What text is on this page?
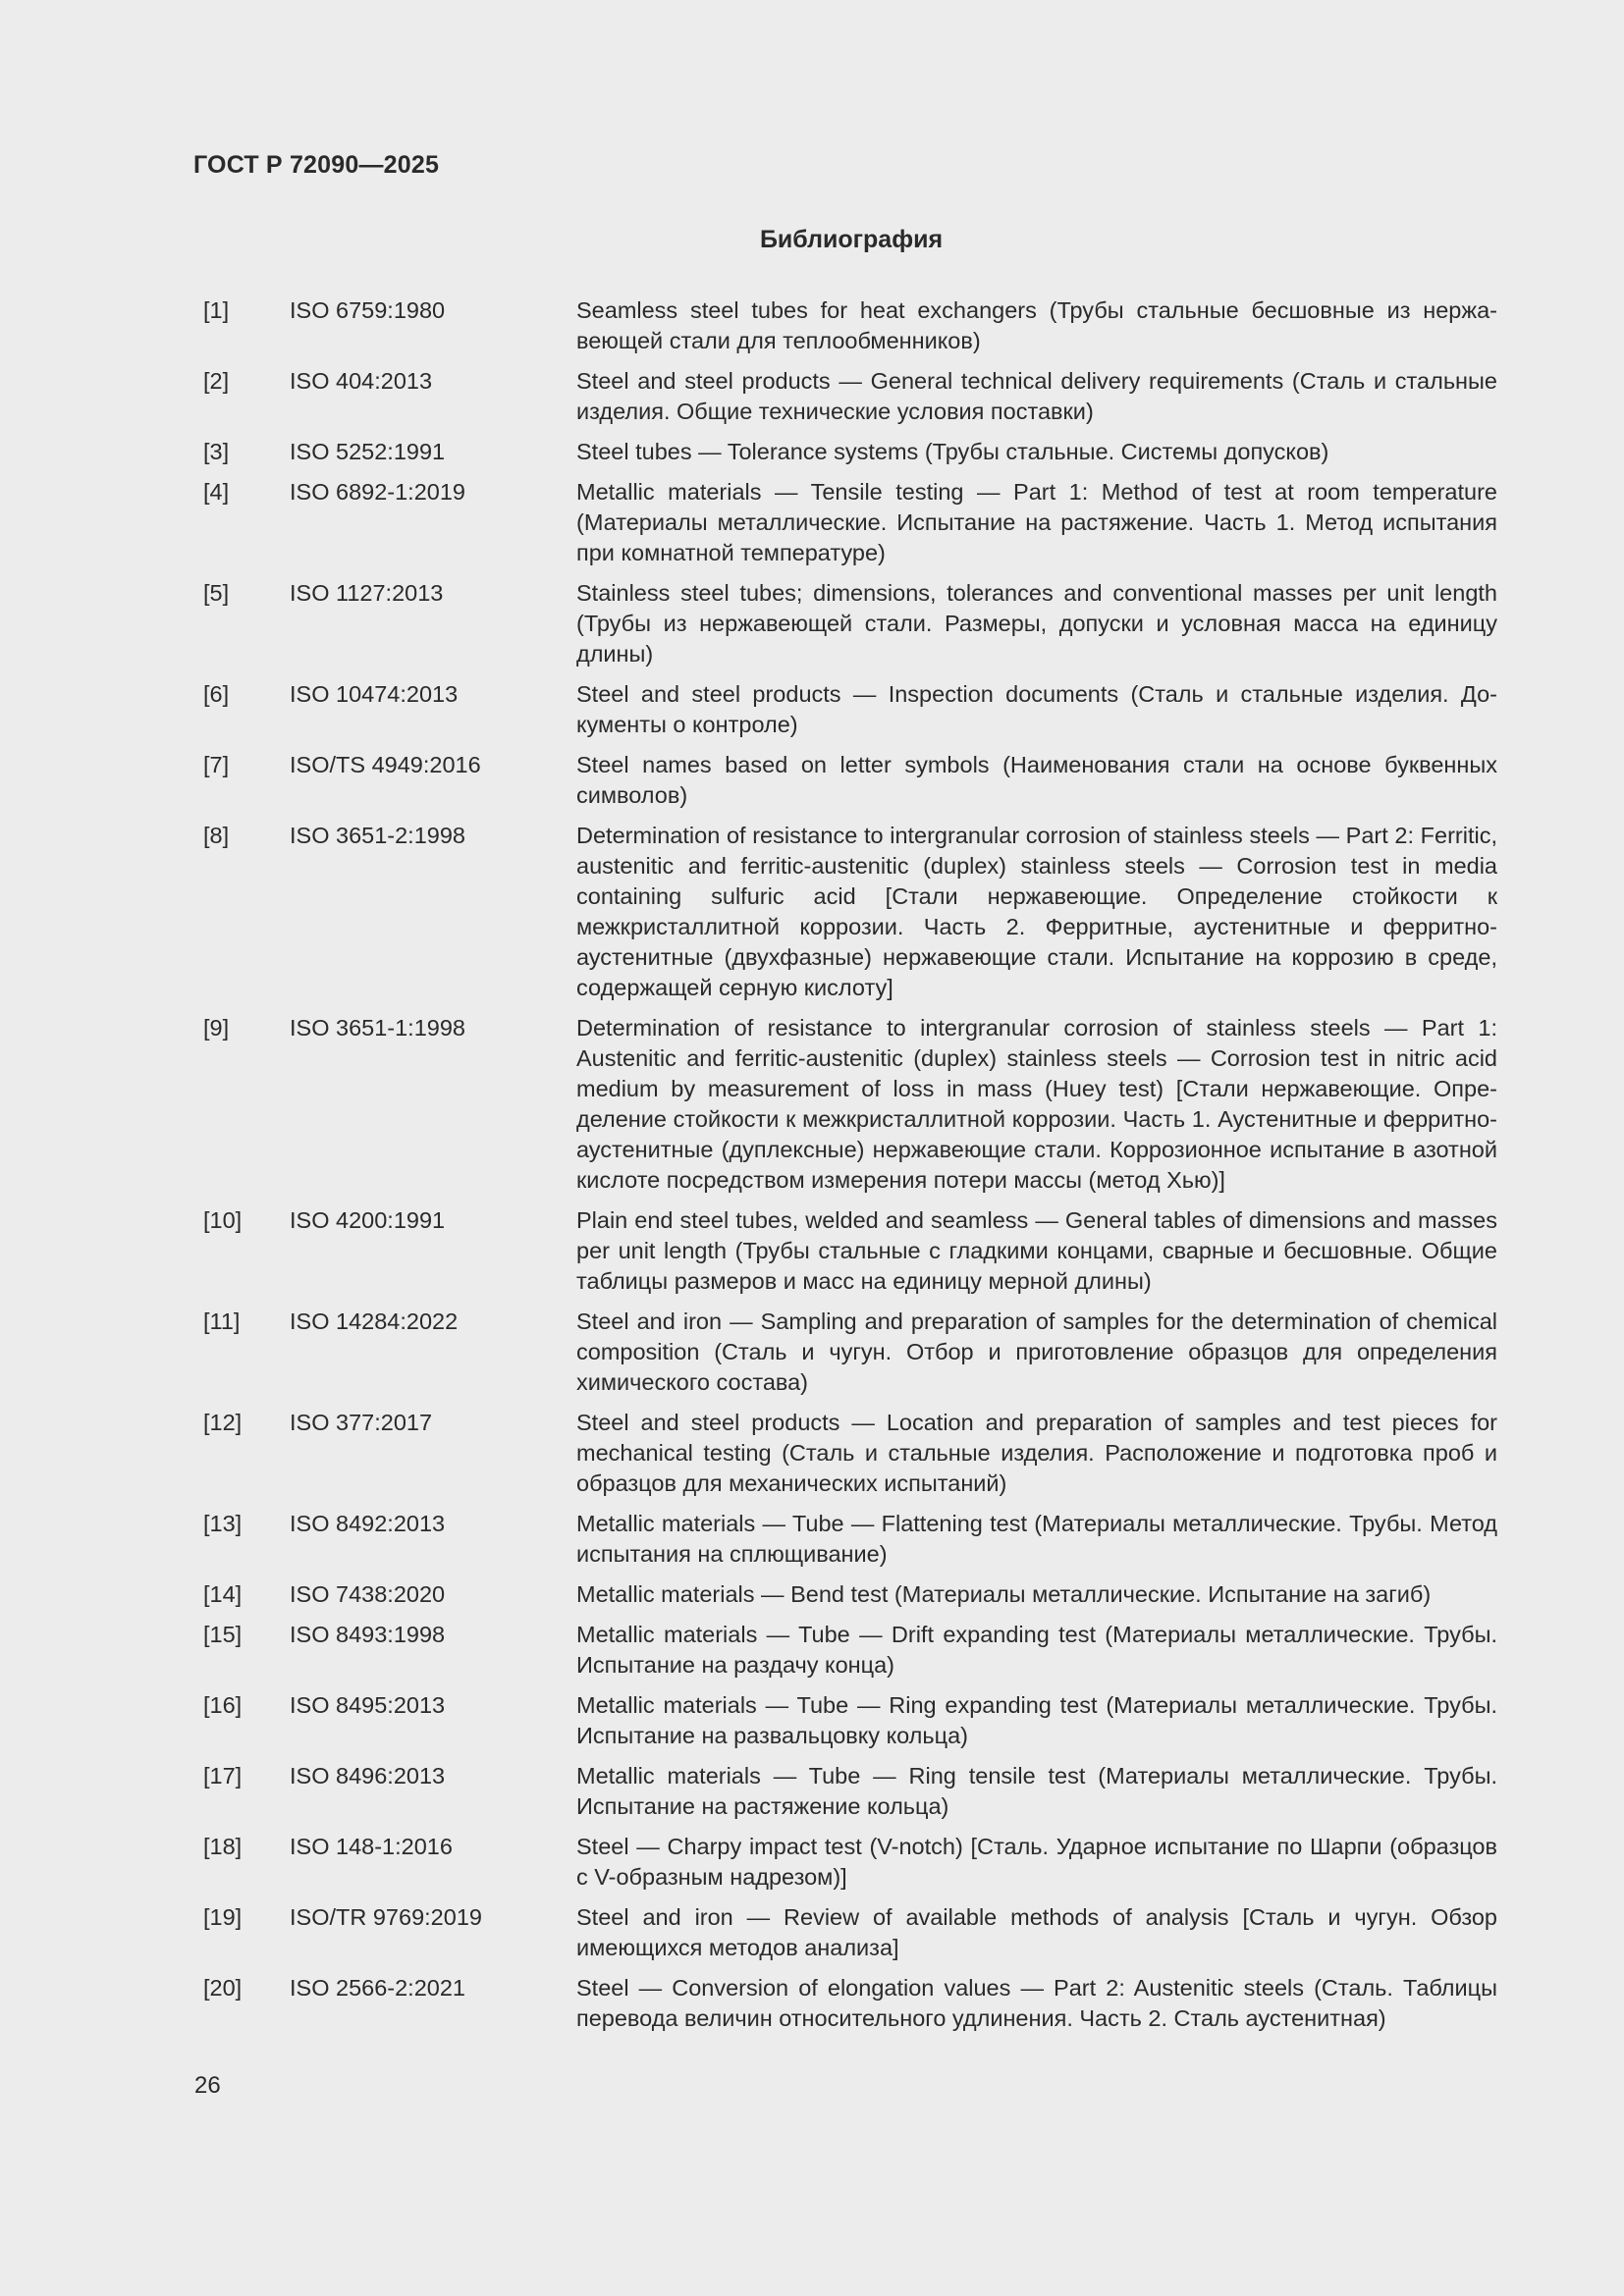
ГОСТ Р 72090—2025
Библиография
[1]	ISO 6759:1980	Seamless steel tubes for heat exchangers (Трубы стальные бесшовные из нержавеющей стали для теплообменников)
[2]	ISO 404:2013	Steel and steel products — General technical delivery requirements (Сталь и стальные изделия. Общие технические условия поставки)
[3]	ISO 5252:1991	Steel tubes — Tolerance systems (Трубы стальные. Системы допусков)
[4]	ISO 6892-1:2019	Metallic materials — Tensile testing — Part 1: Method of test at room temperature (Материалы металлические. Испытание на растяжение. Часть 1. Метод испытания при комнатной температуре)
[5]	ISO 1127:2013	Stainless steel tubes; dimensions, tolerances and conventional masses per unit length (Трубы из нержавеющей стали. Размеры, допуски и условная масса на единицу длины)
[6]	ISO 10474:2013	Steel and steel products — Inspection documents (Сталь и стальные изделия. Документы о контроле)
[7]	ISO/TS 4949:2016	Steel names based on letter symbols (Наименования стали на основе буквенных символов)
[8]	ISO 3651-2:1998	Determination of resistance to intergranular corrosion of stainless steels — Part 2: Ferritic, austenitic and ferritic-austenitic (duplex) stainless steels — Corrosion test in media containing sulfuric acid [Стали нержавеющие. Определение стойкости к межкристаллитной коррозии. Часть 2. Ферритные, аустенитные и ферритноаустенитные (двухфазные) нержавеющие стали. Испытание на коррозию в среде, содержащей серную кислоту]
[9]	ISO 3651-1:1998	Determination of resistance to intergranular corrosion of stainless steels — Part 1: Austenitic and ferritic-austenitic (duplex) stainless steels — Corrosion test in nitric acid medium by measurement of loss in mass (Huey test) [Стали нержавеющие. Определение стойкости к межкристаллитной коррозии. Часть 1. Аустенитные и ферритно-аустенитные (дуплексные) нержавеющие стали. Коррозионное испытание в азотной кислоте посредством измерения потери массы (метод Хью)]
[10] ISO 4200:1991	Plain end steel tubes, welded and seamless — General tables of dimensions and masses per unit length (Трубы стальные с гладкими концами, сварные и бесшовные. Общие таблицы размеров и масс на единицу мерной длины)
[11] ISO 14284:2022	Steel and iron — Sampling and preparation of samples for the determination of chemical composition (Сталь и чугун. Отбор и приготовление образцов для определения химического состава)
[12] ISO 377:2017	Steel and steel products — Location and preparation of samples and test pieces for mechanical testing (Сталь и стальные изделия. Расположение и подготовка проб и образцов для механических испытаний)
[13] ISO 8492:2013	Metallic materials — Tube — Flattening test (Материалы металлические. Трубы. Метод испытания на сплющивание)
[14] ISO 7438:2020	Metallic materials — Bend test (Материалы металлические. Испытание на загиб)
[15] ISO 8493:1998	Metallic materials — Tube — Drift expanding test (Материалы металлические. Трубы. Испытание на раздачу конца)
[16] ISO 8495:2013	Metallic materials — Tube — Ring expanding test (Материалы металлические. Трубы. Испытание на развальцовку кольца)
[17] ISO 8496:2013	Metallic materials — Tube — Ring tensile test (Материалы металлические. Трубы. Испытание на растяжение кольца)
[18] ISO 148-1:2016	Steel — Charpy impact test (V-notch) [Сталь. Ударное испытание по Шарпи (образцов с V-образным надрезом)]
[19] ISO/TR 9769:2019	Steel and iron — Review of available methods of analysis [Сталь и чугун. Обзор имеющихся методов анализа]
[20] ISO 2566-2:2021	Steel — Conversion of elongation values — Part 2: Austenitic steels (Сталь. Таблицы перевода величин относительного удлинения. Часть 2. Сталь аустенитная)
26
